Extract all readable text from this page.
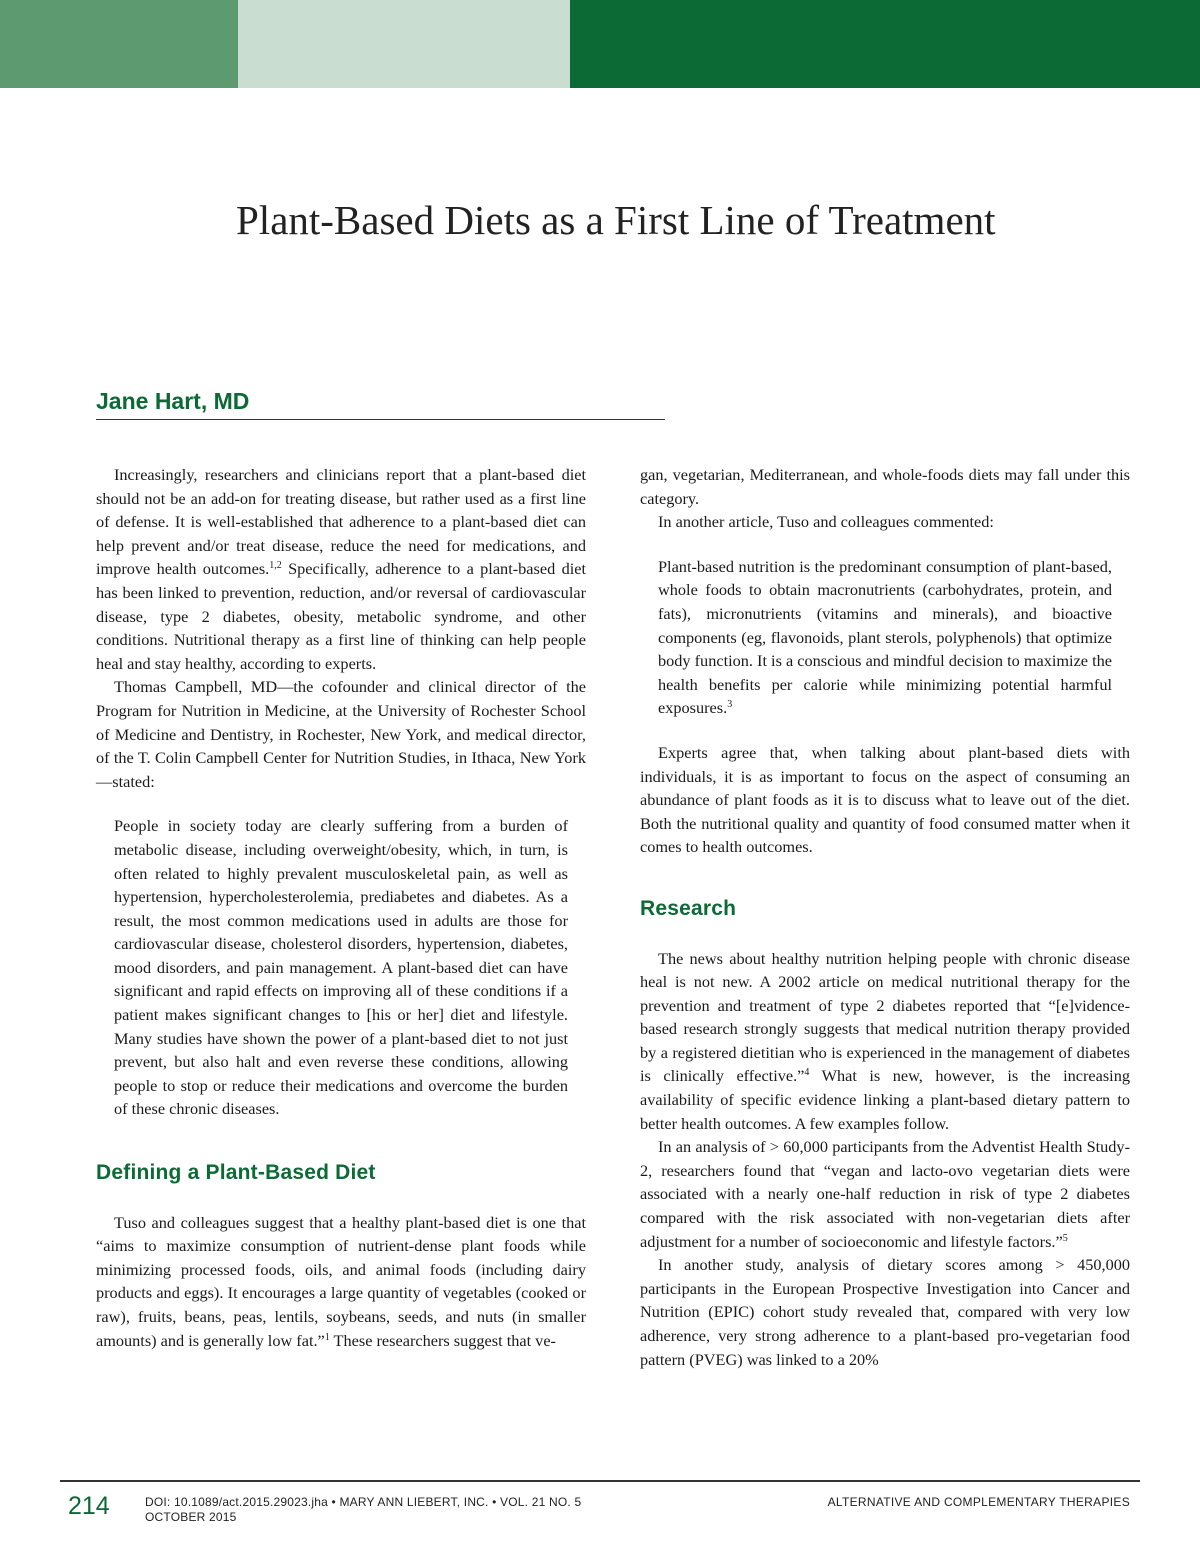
Plant-Based Diets as a First Line of Treatment
Jane Hart, MD

Increasingly, researchers and clinicians report that a plant-based diet should not be an add-on for treating disease, but rather used as a first line of defense. It is well-established that adherence to a plant-based diet can help prevent and/or treat disease, reduce the need for medications, and improve health outcomes.$^{1,2}$ Specifically, adherence to a plant-based diet has been linked to prevention, reduction, and/or reversal of cardiovascular disease, type 2 diabetes, obesity, metabolic syndrome, and other conditions. Nutritional therapy as a first line of thinking can help people heal and stay healthy, according to experts.

Thomas Campbell, MD—the cofounder and clinical director of the Program for Nutrition in Medicine, at the University of Rochester School of Medicine and Dentistry, in Rochester, New York, and medical director, of the T. Colin Campbell Center for Nutrition Studies, in Ithaca, New York—stated:

People in society today are clearly suffering from a burden of metabolic disease, including overweight/obesity, which, in turn, is often related to highly prevalent musculoskeletal pain, as well as hypertension, hypercholesterolemia, prediabetes and diabetes. As a result, the most common medications used in adults are those for cardiovascular disease, cholesterol disorders, hypertension, diabetes, mood disorders, and pain management. A plant-based diet can have significant and rapid effects on improving all of these conditions if a patient makes significant changes to [his or her] diet and lifestyle. Many studies have shown the power of a plant-based diet to not just prevent, but also halt and even reverse these conditions, allowing people to stop or reduce their medications and overcome the burden of these chronic diseases.
Defining a Plant-Based Diet

Tuso and colleagues suggest that a healthy plant-based diet is one that “aims to maximize consumption of nutrient-dense plant foods while minimizing processed foods, oils, and animal foods (including dairy products and eggs). It encourages a large quantity of vegetables (cooked or raw), fruits, beans, peas, lentils, soybeans, seeds, and nuts (in smaller amounts) and is generally low fat.”$^1$ These researchers suggest that ve-

gan, vegetarian, Mediterranean, and whole-foods diets may fall under this category.

In another article, Tuso and colleagues commented:

Plant-based nutrition is the predominant consumption of plant-based, whole foods to obtain macronutrients (carbohydrates, protein, and fats), micronutrients (vitamins and minerals), and bioactive components (eg, flavonoids, plant sterols, polyphenols) that optimize body function. It is a conscious and mindful decision to maximize the health benefits per calorie while minimizing potential harmful exposures.$^3$

Experts agree that, when talking about plant-based diets with individuals, it is as important to focus on the aspect of consuming an abundance of plant foods as it is to discuss what to leave out of the diet. Both the nutritional quality and quantity of food consumed matter when it comes to health outcomes.

Research

The news about healthy nutrition helping people with chronic disease heal is not new. A 2002 article on medical nutritional therapy for the prevention and treatment of type 2 diabetes reported that “[e]vidence-based research strongly suggests that medical nutrition therapy provided by a registered dietitian who is experienced in the management of diabetes is clinically effective.”$^4$ What is new, however, is the increasing availability of specific evidence linking a plant-based dietary pattern to better health outcomes. A few examples follow.

In an analysis of > 60,000 participants from the Adventist Health Study-2, researchers found that “vegan and lacto-ovo vegetarian diets were associated with a nearly one-half reduction in risk of type 2 diabetes compared with the risk associated with non-vegetarian diets after adjustment for a number of socioeconomic and lifestyle factors.”$^5$

In another study, analysis of dietary scores among > 450,000 participants in the European Prospective Investigation into Cancer and Nutrition (EPIC) cohort study revealed that, compared with very low adherence, very strong adherence to a plant-based pro-vegetarian food pattern (PVEG) was linked to a 20%

214	DOI: 10.1089/act.2015.29023.jha • MARY ANN LIEBERT, INC. • VOL. 21 NO. 5
OCTOBER 2015
ALTERNATIVE AND COMPLEMENTARY THERAPIES
